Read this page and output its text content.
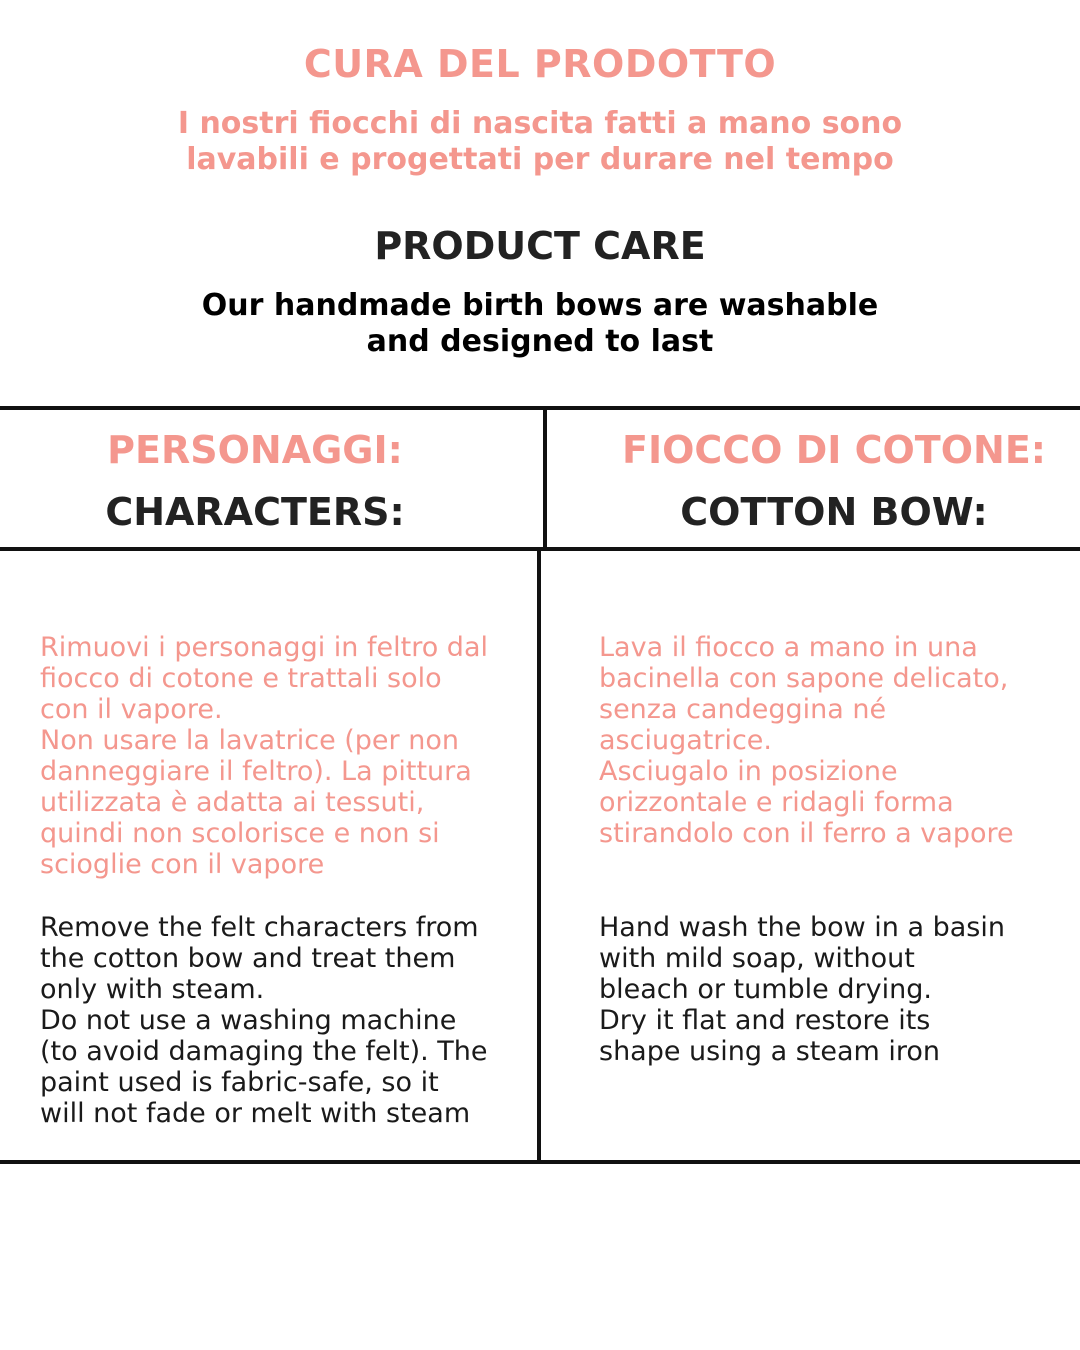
CURA DEL PRODOTTO
I nostri fiocchi di nascita fatti a mano sono
lavabili e progettati per durare nel tempo
PRODUCT CARE
Our handmade birth bows are washable
and designed to last
PERSONAGGI:
CHARACTERS:
FIOCCO DI COTONE:
COTTON BOW:
Rimuovi i personaggi in feltro dal
fiocco di cotone e trattali solo
con il vapore.
Non usare la lavatrice (per non
danneggiare il feltro). La pittura
utilizzata è adatta ai tessuti,
quindi non scolorisce e non si
scioglie con il vapore
Remove the felt characters from
the cotton bow and treat them
only with steam.
Do not use a washing machine
(to avoid damaging the felt). The
paint used is fabric-safe, so it
will not fade or melt with steam
Lava il fiocco a mano in una
bacinella con sapone delicato,
senza candeggina né
asciugatrice.
Asciugalo in posizione
orizzontale e ridagli forma
stirandolo con il ferro a vapore
Hand wash the bow in a basin
with mild soap, without
bleach or tumble drying.
Dry it flat and restore its
shape using a steam iron
